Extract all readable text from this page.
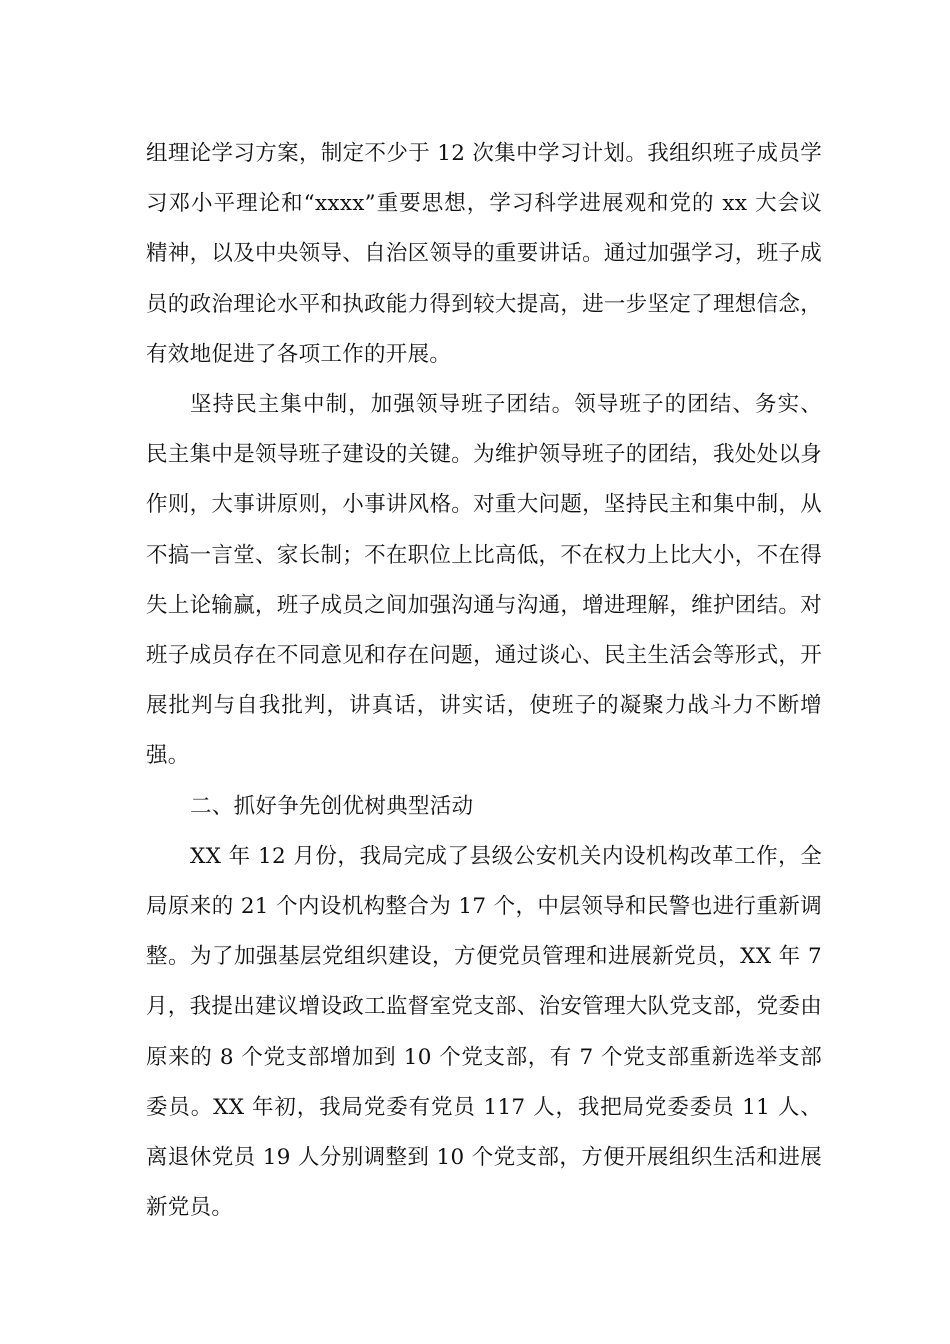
组理论学习方案，制定不少于 12 次集中学习计划。我组织班子成员学习邓小平理论和“xxxx”重要思想，学习科学进展观和党的 xx 大会议精神，以及中央领导、自治区领导的重要讲话。通过加强学习，班子成员的政治理论水平和执政能力得到较大提高，进一步坚定了理想信念，有效地促进了各项工作的开展。

坚持民主集中制，加强领导班子团结。领导班子的团结、务实、民主集中是领导班子建设的关键。为维护领导班子的团结，我处处以身作则，大事讲原则，小事讲风格。对重大问题，坚持民主和集中制，从不搞一言堂、家长制；不在职位上比高低，不在权力上比大小，不在得失上论输赢，班子成员之间加强沟通与沟通，增进理解，维护团结。对班子成员存在不同意见和存在问题，通过谈心、民主生活会等形式，开展批判与自我批判，讲真话，讲实话，使班子的凝聚力战斗力不断增强。

二、抓好争先创优树典型活动

XX 年 12 月份，我局完成了县级公安机关内设机构改革工作，全局原来的 21 个内设机构整合为 17 个，中层领导和民警也进行重新调整。为了加强基层党组织建设，方便党员管理和进展新党员，XX 年 7 月，我提出建议增设政工监督室党支部、治安管理大队党支部，党委由原来的 8 个党支部增加到 10 个党支部，有 7 个党支部重新选举支部委员。XX 年初，我局党委有党员 117 人，我把局党委委员 11 人、离退休党员 19 人分别调整到 10 个党支部，方便开展组织生活和进展新党员。
